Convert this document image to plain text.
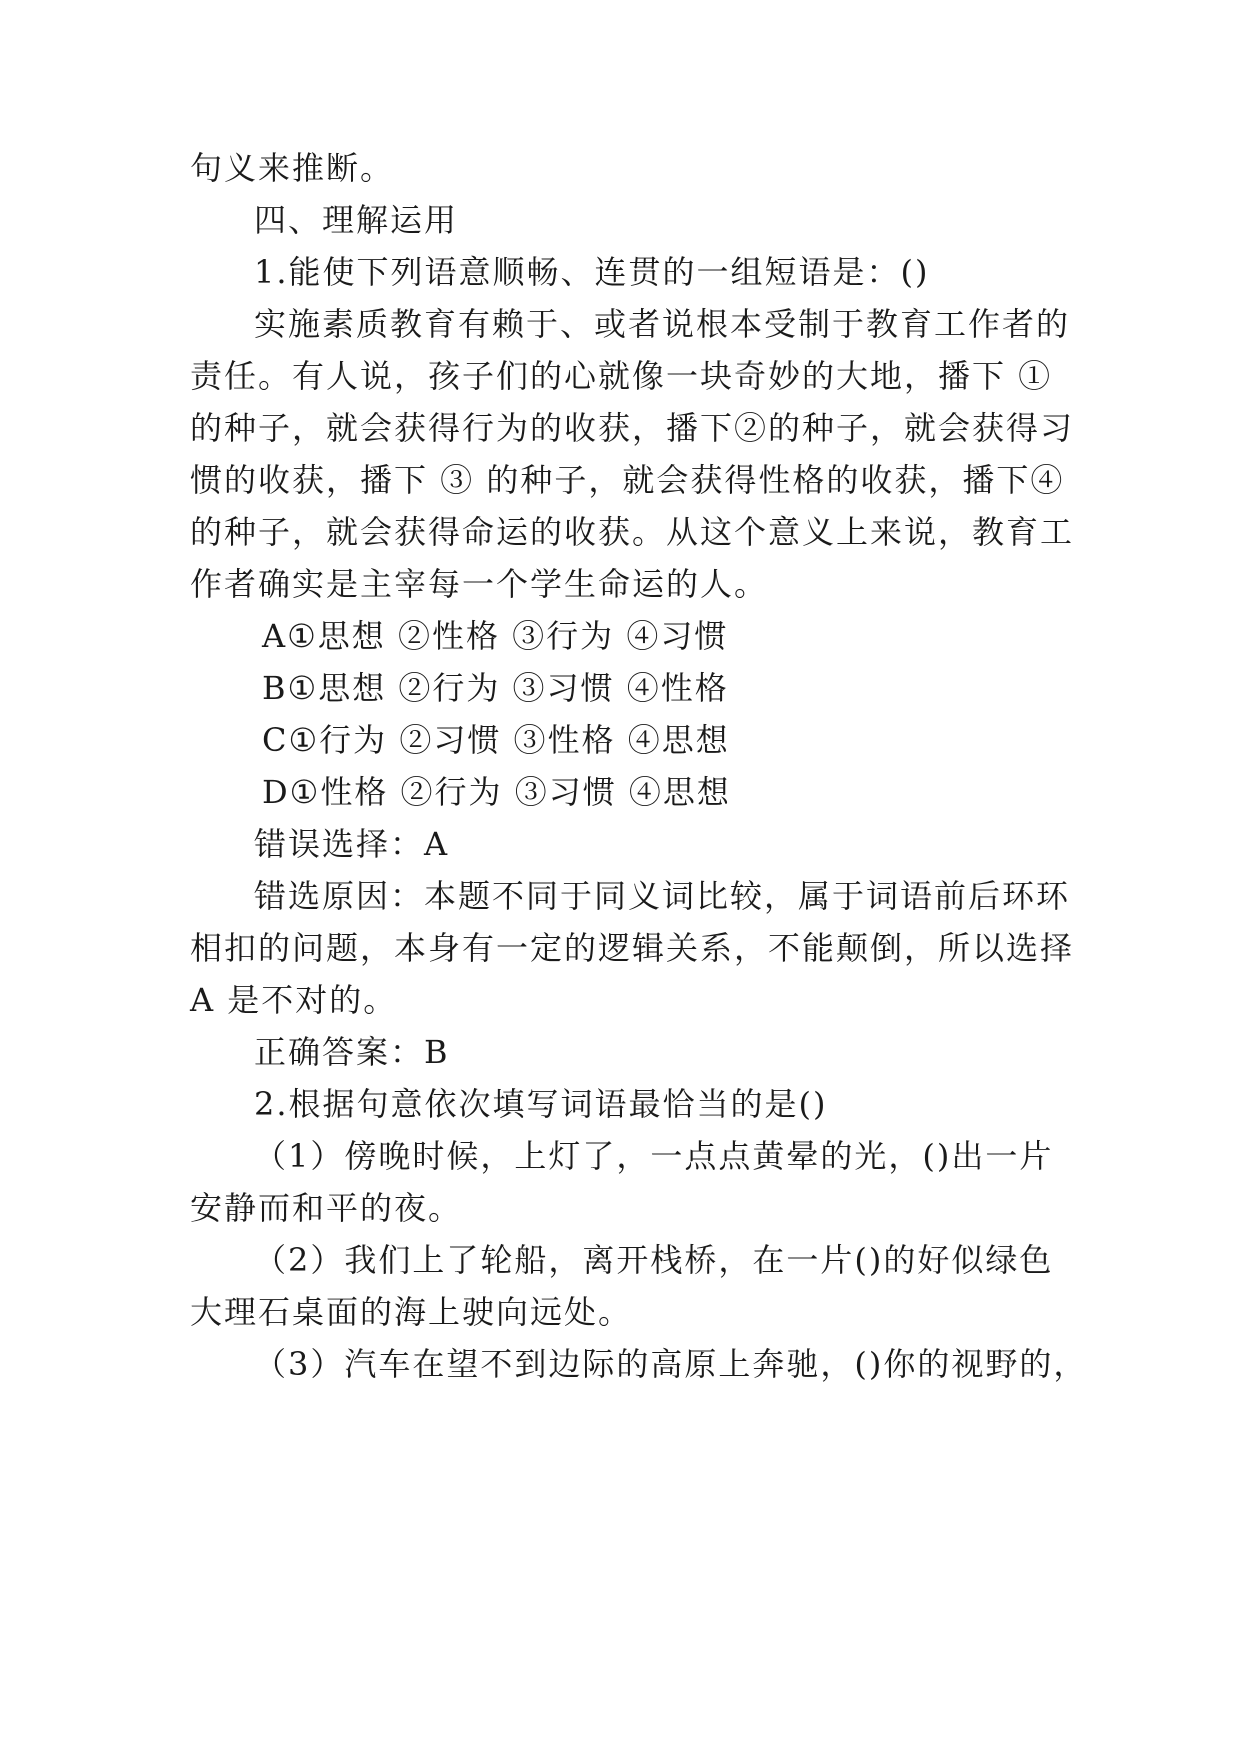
句义来推断。
四、理解运用
1.能使下列语意顺畅、连贯的一组短语是：()
实施素质教育有赖于、或者说根本受制于教育工作者的
责任。有人说，孩子们的心就像一块奇妙的大地，播下 ①
的种子，就会获得行为的收获，播下②的种子，就会获得习
惯的收获，播下 ③ 的种子，就会获得性格的收获，播下④
的种子，就会获得命运的收获。从这个意义上来说，教育工
作者确实是主宰每一个学生命运的人。
A①思想 ②性格 ③行为 ④习惯
B①思想 ②行为 ③习惯 ④性格
C①行为 ②习惯 ③性格 ④思想
D①性格 ②行为 ③习惯 ④思想
错误选择：A
错选原因：本题不同于同义词比较，属于词语前后环环
相扣的问题，本身有一定的逻辑关系，不能颠倒，所以选择
A 是不对的。
正确答案：B
2.根据句意依次填写词语最恰当的是()
（1）傍晚时候，上灯了，一点点黄晕的光，()出一片
安静而和平的夜。
（2）我们上了轮船，离开栈桥，在一片()的好似绿色
大理石桌面的海上驶向远处。
（3）汽车在望不到边际的高原上奔驰，()你的视野的，
